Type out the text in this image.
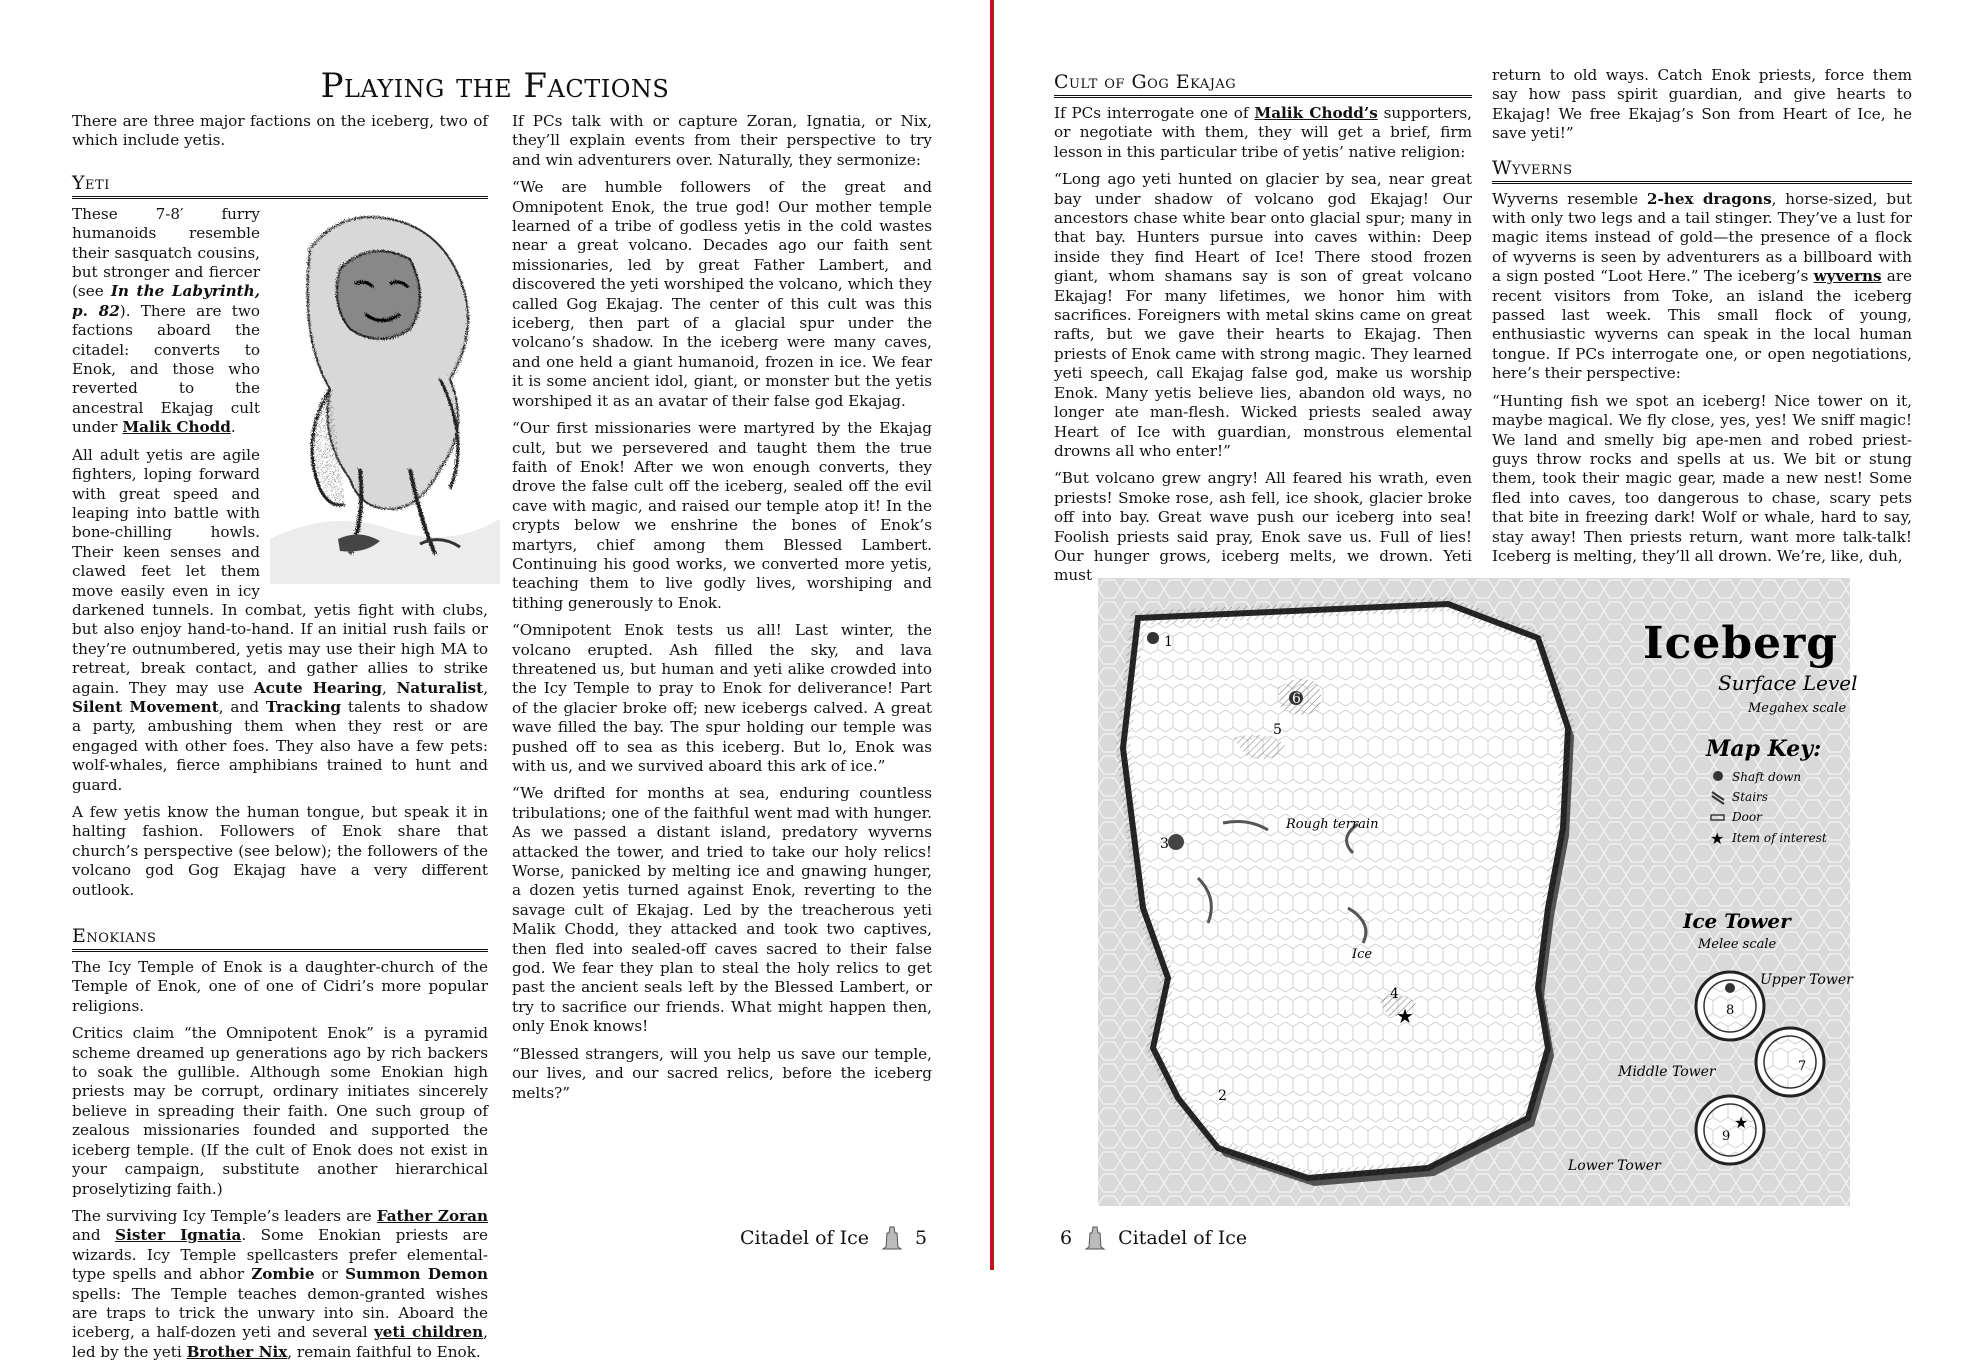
Playing the Factions

There are three major factions on the iceberg, two of which include yetis.

Yeti

These 7-8′ furry humanoids resemble their sasquatch cousins, but stronger and fiercer (see In the Labyrinth, p. 82). There are two factions aboard the citadel: converts to Enok, and those who reverted to the ancestral Ekajag cult under Malik Chodd.

All adult yetis are agile fighters, loping forward with great speed and leaping into battle with bone-chilling howls. Their keen senses and clawed feet let them move easily even in icy darkened tunnels. In combat, yetis fight with clubs, but also enjoy hand-to-hand. If an initial rush fails or they’re outnumbered, yetis may use their high MA to retreat, break contact, and gather allies to strike again. They may use Acute Hearing, Naturalist, Silent Movement, and Tracking talents to shadow a party, ambushing them when they rest or are engaged with other foes. They also have a few pets: wolf-whales, fierce amphibians trained to hunt and guard.

A few yetis know the human tongue, but speak it in halting fashion. Followers of Enok share that church’s perspective (see below); the followers of the volcano god Gog Ekajag have a very different outlook.

Enokians

The Icy Temple of Enok is a daughter-church of the Temple of Enok, one of one of Cidri’s more popular religions.

Critics claim “the Omnipotent Enok” is a pyramid scheme dreamed up generations ago by rich backers to soak the gullible. Although some Enokian high priests may be corrupt, ordinary initiates sincerely believe in spreading their faith. One such group of zealous missionaries founded and supported the iceberg temple. (If the cult of Enok does not exist in your campaign, substitute another hierarchical proselytizing faith.)

The surviving Icy Temple’s leaders are Father Zoran and Sister Ignatia. Some Enokian priests are wizards. Icy Temple spellcasters prefer elemental-type spells and abhor Zombie or Summon Demon spells: The Temple teaches demon-granted wishes are traps to trick the unwary into sin. Aboard the iceberg, a half-dozen yeti and several yeti children, led by the yeti Brother Nix, remain faithful to Enok.

If PCs talk with or capture Zoran, Ignatia, or Nix, they’ll explain events from their perspective to try and win adventurers over. Naturally, they sermonize:

“We are humble followers of the great and Omnipotent Enok, the true god! Our mother temple learned of a tribe of godless yetis in the cold wastes near a great volcano. Decades ago our faith sent missionaries, led by great Father Lambert, and discovered the yeti worshiped the volcano, which they called Gog Ekajag. The center of this cult was this iceberg, then part of a glacial spur under the volcano’s shadow. In the iceberg were many caves, and one held a giant humanoid, frozen in ice. We fear it is some ancient idol, giant, or monster but the yetis worshiped it as an avatar of their false god Ekajag.

“Our first missionaries were martyred by the Ekajag cult, but we persevered and taught them the true faith of Enok! After we won enough converts, they drove the false cult off the iceberg, sealed off the evil cave with magic, and raised our temple atop it! In the crypts below we enshrine the bones of Enok’s martyrs, chief among them Blessed Lambert. Continuing his good works, we converted more yetis, teaching them to live godly lives, worshiping and tithing generously to Enok.

“Omnipotent Enok tests us all! Last winter, the volcano erupted. Ash filled the sky, and lava threatened us, but human and yeti alike crowded into the Icy Temple to pray to Enok for deliverance! Part of the glacier broke off; new icebergs calved. A great wave filled the bay. The spur holding our temple was pushed off to sea as this iceberg. But lo, Enok was with us, and we survived aboard this ark of ice.”

“We drifted for months at sea, enduring countless tribulations; one of the faithful went mad with hunger. As we passed a distant island, predatory wyverns attacked the tower, and tried to take our holy relics! Worse, panicked by melting ice and gnawing hunger, a dozen yetis turned against Enok, reverting to the savage cult of Ekajag. Led by the treacherous yeti Malik Chodd, they attacked and took two captives, then fled into sealed-off caves sacred to their false god. We fear they plan to steal the holy relics to get past the ancient seals left by the Blessed Lambert, or try to sacrifice our friends. What might happen then, only Enok knows!

“Blessed strangers, will you help us save our temple, our lives, and our sacred relics, before the iceberg melts?”

Citadel of Ice 5
Cult of Gog Ekajag

If PCs interrogate one of Malik Chodd’s supporters, or negotiate with them, they will get a brief, firm lesson in this particular tribe of yetis’ native religion:

“Long ago yeti hunted on glacier by sea, near great bay under shadow of volcano god Ekajag! Our ancestors chase white bear onto glacial spur; many in that bay. Hunters pursue into caves within: Deep inside they find Heart of Ice! There stood frozen giant, whom shamans say is son of great volcano Ekajag! For many lifetimes, we honor him with sacrifices. Foreigners with metal skins came on great rafts, but we gave their hearts to Ekajag. Then priests of Enok came with strong magic. They learned yeti speech, call Ekajag false god, make us worship Enok. Many yetis believe lies, abandon old ways, no longer ate man-flesh. Wicked priests sealed away Heart of Ice with guardian, monstrous elemental drowns all who enter!”

“But volcano grew angry! All feared his wrath, even priests! Smoke rose, ash fell, ice shook, glacier broke off into bay. Great wave push our iceberg into sea! Foolish priests said pray, Enok save us. Full of lies! Our hunger grows, iceberg melts, we drown. Yeti must

return to old ways. Catch Enok priests, force them say how pass spirit guardian, and give hearts to Ekajag! We free Ekajag’s Son from Heart of Ice, he save yeti!”

Wyverns

Wyverns resemble 2-hex dragons, horse-sized, but with only two legs and a tail stinger. They’ve a lust for magic items instead of gold—the presence of a flock of wyverns is seen by adventurers as a billboard with a sign posted “Loot Here.” The iceberg’s wyverns are recent visitors from Toke, an island the iceberg passed last week. This small flock of young, enthusiastic wyverns can speak in the local human tongue. If PCs interrogate one, or open negotiations, here’s their perspective:

“Hunting fish we spot an iceberg! Nice tower on it, maybe magical. We fly close, yes, yes! We sniff magic! We land and smelly big ape-men and robed priest-guys throw rocks and spells at us. We bit or stung them, took their magic gear, made a new nest! Some fled into caves, too dangerous to chase, scary pets that bite in freezing dark! Wolf or whale, hard to say, stay away! Then priests return, want more talk-talk! Iceberg is melting, they’ll all drown. We’re, like, duh,

1
2
3
4
5
6
Rough terrain
Ice
★
Iceberg
Surface Level
Megahex scale
Map Key:
Shaft down
Stairs
Door
★ Item of interest
Ice Tower
Melee scale
8
Upper Tower
7
Middle Tower
9
★
Lower Tower
6 Citadel of Ice
